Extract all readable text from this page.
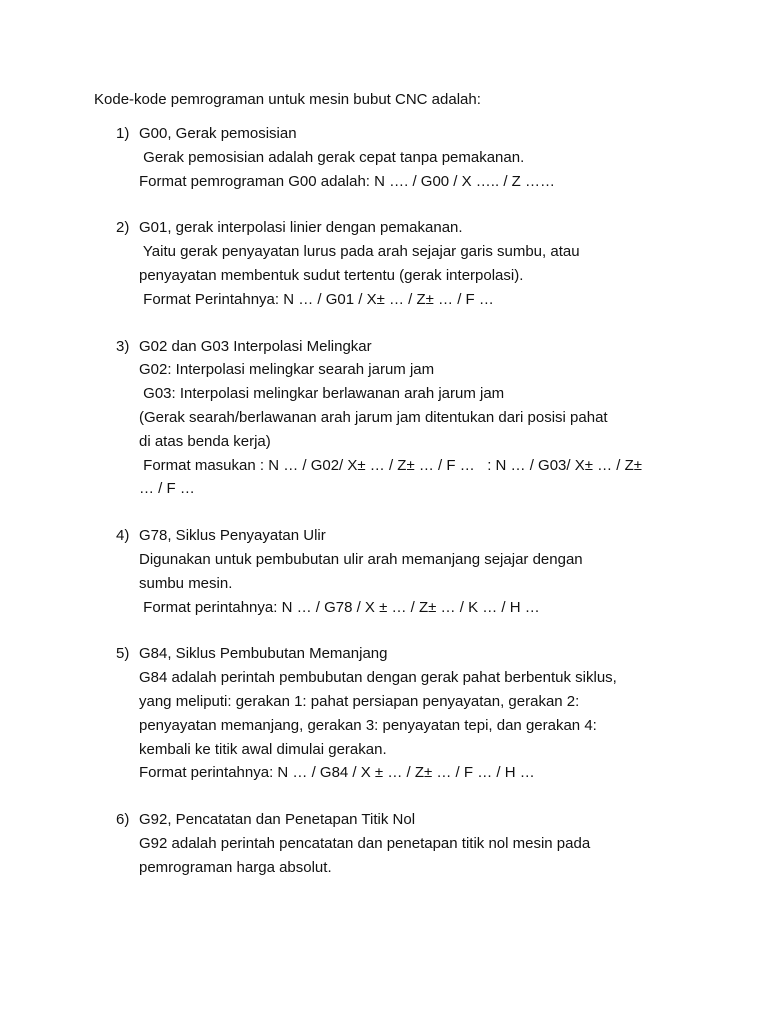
Kode-kode pemrograman untuk mesin bubut CNC adalah:
1) G00, Gerak pemosisian
Gerak pemosisian adalah gerak cepat tanpa pemakanan.
Format pemrograman G00 adalah: N …. / G00 / X ….. / Z ……
2) G01, gerak interpolasi linier dengan pemakanan.
Yaitu gerak penyayatan lurus pada arah sejajar garis sumbu, atau
penyayatan membentuk sudut tertentu (gerak interpolasi).
Format Perintahnya: N … / G01 / X± … / Z± … / F …
3) G02 dan G03 Interpolasi Melingkar
G02: Interpolasi melingkar searah jarum jam
G03: Interpolasi melingkar berlawanan arah jarum jam
(Gerak searah/berlawanan arah jarum jam ditentukan dari posisi pahat
di atas benda kerja)
Format masukan : N … / G02/ X± … / Z± … / F …   : N … / G03/ X± … / Z±
… / F …
4) G78, Siklus Penyayatan Ulir
Digunakan untuk pembubutan ulir arah memanjang sejajar dengan
sumbu mesin.
Format perintahnya: N … / G78 / X ± … / Z± … / K … / H …
5) G84, Siklus Pembubutan Memanjang
G84 adalah perintah pembubutan dengan gerak pahat berbentuk siklus,
yang meliputi: gerakan 1: pahat persiapan penyayatan, gerakan 2:
penyayatan memanjang, gerakan 3: penyayatan tepi, dan gerakan 4:
kembali ke titik awal dimulai gerakan.
Format perintahnya: N … / G84 / X ± … / Z± … / F … / H …
6) G92, Pencatatan dan Penetapan Titik Nol
G92 adalah perintah pencatatan dan penetapan titik nol mesin pada
pemrograman harga absolut.
